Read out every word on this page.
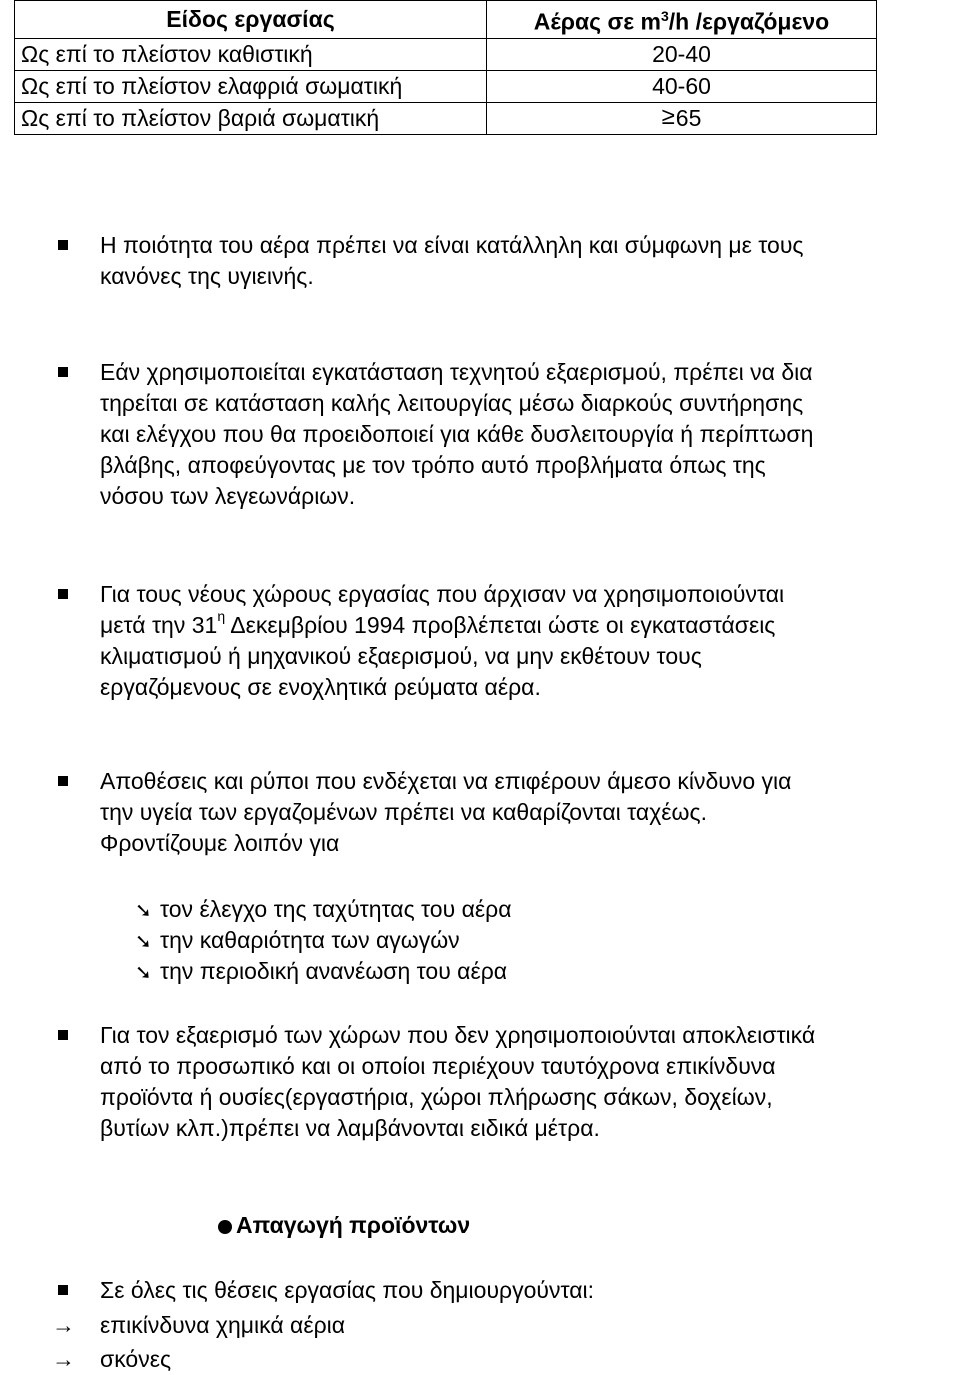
Είδος εργασίας	Αέρας σε $m^3/h$ /εργαζόμενο
Ως επί το πλείστον καθιστική	20-40
Ως επί το πλείστον ελαφριά σωματική	40-60
Ως επί το πλείστον βαριά σωματική	≥65
Η ποιότητα του αέρα πρέπει να είναι κατάλληλη και σύμφωνη με τους
κανόνες της υγιεινής.
Εάν χρησιμοποιείται εγκατάσταση τεχνητού εξαερισμού, πρέπει να δια
τηρείται σε κατάσταση καλής λειτουργίας μέσω διαρκούς συντήρησης
και ελέγχου που θα προειδοποιεί για κάθε δυσλειτουργία ή περίπτωση
βλάβης, αποφεύγοντας με τον τρόπο αυτό προβλήματα όπως της
νόσου των λεγεωνάριων.
Για τους νέους χώρους εργασίας που άρχισαν να χρησιμοποιούνται
μετά την $31^\eta$ Δεκεμβρίου 1994 προβλέπεται ώστε οι εγκαταστάσεις
κλιματισμού ή μηχανικού εξαερισμού, να μην εκθέτουν τους
εργαζόμενους σε ενοχλητικά ρεύματα αέρα.
Αποθέσεις και ρύποι που ενδέχεται να επιφέρουν άμεσο κίνδυνο για
την υγεία των εργαζομένων πρέπει να καθαρίζονται ταχέως.
Φροντίζουμε λοιπόν για
➘ τον έλεγχο της ταχύτητας του αέρα
➘ την καθαριότητα των αγωγών
➘ την περιοδική ανανέωση του αέρα
Για τον εξαερισμό των χώρων που δεν χρησιμοποιούνται αποκλειστικά
από το προσωπικό και οι οποίοι περιέχουν ταυτόχρονα επικίνδυνα
προϊόντα ή ουσίες(εργαστήρια, χώροι πλήρωσης σάκων, δοχείων,
βυτίων κλπ.)πρέπει να λαμβάνονται ειδικά μέτρα.
Απαγωγή προϊόντων
Σε όλες τις θέσεις εργασίας που δημιουργούνται:
→ επικίνδυνα χημικά αέρια
→ σκόνες
